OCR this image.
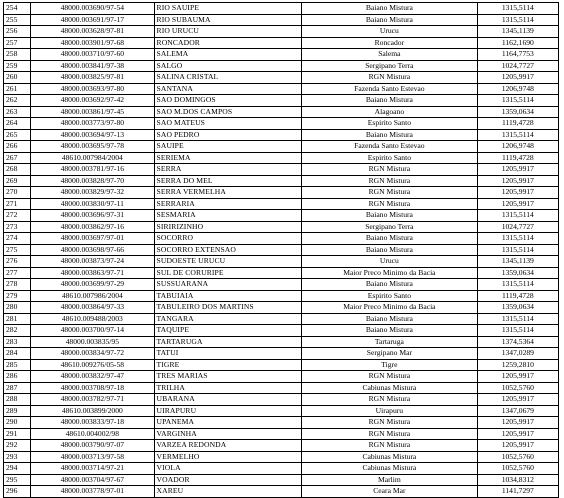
254	48000.003690/97-54	RIO SAUIPE	Baiano Mistura	1315,5114
255	48000.003691/97-17	RIO SUBAUMA	Baiano Mistura	1315,5114
256	48000.003628/97-81	RIO URUCU	Urucu	1345,1139
257	48000.003901/97-68	RONCADOR	Roncador	1162,1690
258	48000.003710/97-60	SALEMA	Salema	1164,7753
259	48000.003841/97-38	SALGO	Sergipano Terra	1024,7727
260	48000.003825/97-81	SALINA CRISTAL	RGN Mistura	1205,9917
261	48000.003693/97-80	SANTANA	Fazenda Santo Estevao	1206,9748
262	48000.003692/97-42	SAO DOMINGOS	Baiano Mistura	1315,5114
263	48000.003861/97-45	SAO M.DOS CAMPOS	Alagoano	1359,0634
264	48000.003773/97-80	SAO MATEUS	Espirito Santo	1119,4728
265	48000.003694/97-13	SAO PEDRO	Baiano Mistura	1315,5114
266	48000.003695/97-78	SAUIPE	Fazenda Santo Estevao	1206,9748
267	48610.007984/2004	SERIEMA	Espirito Santo	1119,4728
268	48000.003781/97-16	SERRA	RGN Mistura	1205,9917
269	48000.003828/97-70	SERRA DO MEL	RGN Mistura	1205,9917
270	48000.003829/97-32	SERRA VERMELHA	RGN Mistura	1205,9917
271	48000.003830/97-11	SERRARIA	RGN Mistura	1205,9917
272	48000.003696/97-31	SESMARIA	Baiano Mistura	1315,5114
273	48000.003862/97-16	SIRIRIZINHO	Sergipano Terra	1024,7727
274	48000.003697/97-01	SOCORRO	Baiano Mistura	1315,5114
275	48000.003698/97-66	SOCORRO EXTENSAO	Baiano Mistura	1315,5114
276	48000.003873/97-24	SUDOESTE URUCU	Urucu	1345,1139
277	48000.003863/97-71	SUL DE CORURIPE	Maior Preco Minimo da Bacia	1359,0634
278	48000.003699/97-29	SUSSUARANA	Baiano Mistura	1315,5114
279	48610.007986/2004	TABUIAIA	Espirito Santo	1119,4728
280	48000.003864/97-33	TABULEIRO DOS MARTINS	Maior Preco Minimo da Bacia	1359,0634
281	48610.009488/2003	TANGARA	Baiano Mistura	1315,5114
282	48000.003700/97-14	TAQUIPE	Baiano Mistura	1315,5114
283	48000.003835/95	TARTARUGA	Tartaruga	1374,5364
284	48000.003834/97-72	TATUI	Sergipano Mar	1347,0289
285	48610.009276/05-58	TIGRE	Tigre	1259,2810
286	48000.003832/97-47	TRES MARIAS	RGN Mistura	1205,9917
287	48000.003708/97-18	TRILHA	Cabiunas Mistura	1052,5760
288	48000.003782/97-71	UBARANA	RGN Mistura	1205,9917
289	48610.003899/2000	UIRAPURU	Uirapuru	1347,0679
290	48000.003833/97-18	UPANEMA	RGN Mistura	1205,9917
291	48610.004002/98	VARGINHA	RGN Mistura	1205,9917
292	48000.003790/97-07	VARZEA REDONDA	RGN Mistura	1205,9917
293	48000.003713/97-58	VERMELHO	Cabiunas Mistura	1052,5760
294	48000.003714/97-21	VIOLA	Cabiunas Mistura	1052,5760
295	48000.003704/97-67	VOADOR	Marlim	1034,8312
296	48000.003778/97-01	XAREU	Ceara Mar	1141,7297
